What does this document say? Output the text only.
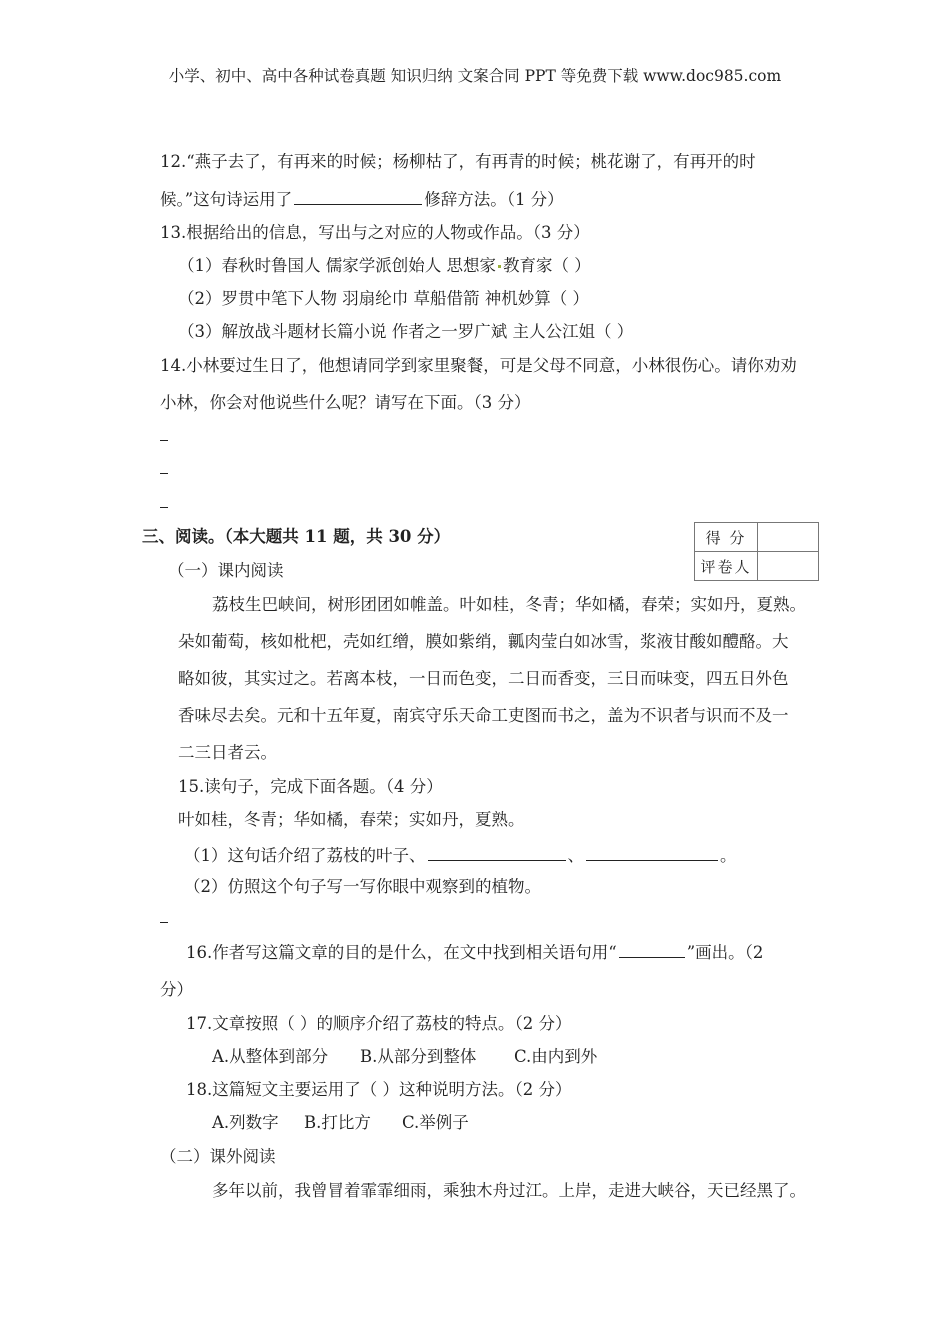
小学、初中、高中各种试卷真题 知识归纳 文案合同 PPT 等免费下载 www.doc985.com
12.“燕子去了，有再来的时候；杨柳枯了，有再青的时候；桃花谢了，有再开的时
候。”这句诗运用了	修辞方法。（1 分）
13.根据给出的信息，写出与之对应的人物或作品。（3 分）
（1）春秋时鲁国人 儒家学派创始人 思想家 教育家（ ）
（2）罗贯中笔下人物 羽扇纶巾 草船借箭 神机妙算（ ）
（3）解放战斗题材长篇小说 作者之一罗广斌 主人公江姐（ ）
14.小林要过生日了，他想请同学到家里聚餐，可是父母不同意，小林很伤心。请你劝劝
小林，你会对他说些什么呢？请写在下面。（3 分）
三、阅读。（本大题共 11 题，共 30 分）	得 分	
评卷人	
（一）课内阅读
荔枝生巴峡间，树形团团如帷盖。叶如桂，冬青；华如橘，春荣；实如丹，夏熟。
朵如葡萄，核如枇杷，壳如红缯，膜如紫绡，瓤肉莹白如冰雪，浆液甘酸如醴酪。大
略如彼，其实过之。若离本枝，一日而色变，二日而香变，三日而味变，四五日外色
香味尽去矣。元和十五年夏，南宾守乐天命工吏图而书之，盖为不识者与识而不及一
二三日者云。
15.读句子，完成下面各题。（4 分）
叶如桂，冬青；华如橘，春荣；实如丹，夏熟。
（1）这句话介绍了荔枝的叶子、	、	。
（2）仿照这个句子写一写你眼中观察到的植物。
16.作者写这篇文章的目的是什么，在文中找到相关语句用“	”画出。（2
分）
17.文章按照（ ）的顺序介绍了荔枝的特点。（2 分）
A.从整体到部分 B.从部分到整体 C.由内到外
18.这篇短文主要运用了（ ）这种说明方法。（2 分）
A.列数字 B.打比方 C.举例子
（二）课外阅读
多年以前，我曾冒着霏霏细雨，乘独木舟过江。上岸，走进大峡谷，天已经黑了。
